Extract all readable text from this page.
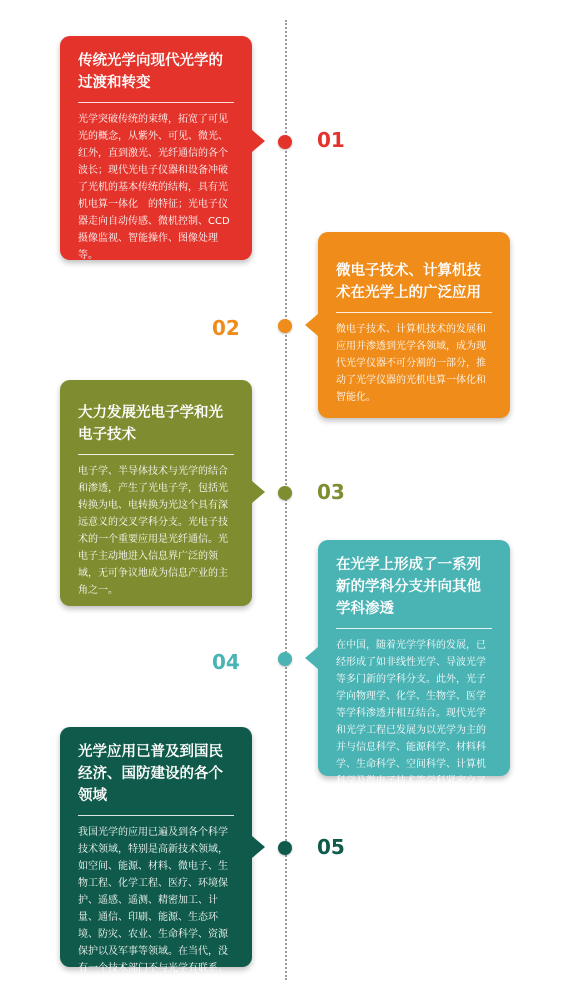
传统光学向现代光学的过渡和转变
光学突破传统的束缚，拓宽了可见光的概念，从紫外、可见、微光、红外，直到激光、光纤通信的各个波长；现代光电子仪器和设备冲破了光机的基本传统的结构，具有光机电算一体化　的特征；光电子仪器走向自动传感、微机控制、CCD摄像监视、智能操作、图像处理等。
01
微电子技术、计算机技术在光学上的广泛应用
微电子技术、计算机技术的发展和应用并渗透到光学各领域，成为现代光学仪器不可分割的一部分，推动了光学仪器的光机电算一体化和智能化。
02
大力发展光电子学和光电子技术
电子学、半导体技术与光学的结合和渗透，产生了光电子学，包括光转换为电、电转换为光这个具有深远意义的交叉学科分支。光电子技术的一个重要应用是光纤通信。光电子主动地进入信息界广泛的领域，无可争议地成为信息产业的主角之一。
03
在光学上形成了一系列新的学科分支并向其他学科渗透
在中国，随着光学学科的发展，已经形成了如非线性光学、导波光学等多门新的学科分支。此外，光子学向物理学、化学、生物学、医学等学科渗透并相互结合。现代光学和光学工程已发展为以光学为主的并与信息科学、能源科学、材料科学、生命科学、空间科学、计算机科学及微电子技术等学科紧密交叉和相互渗透的学科。
04
光学应用已普及到国民经济、国防建设的各个领域
我国光学的应用已遍及到各个科学技术领域，特别是高新技术领域，如空间、能源、材料、微电子、生物工程、化学工程、医疗、环境保护、遥感、遥测、精密加工、计量、通信、印刷、能源、生态环境、防灾、农业、生命科学、资源保护以及军事等领域。在当代，没有一个技术部门不与光学有联系。光学与人民生活息息相关
05
